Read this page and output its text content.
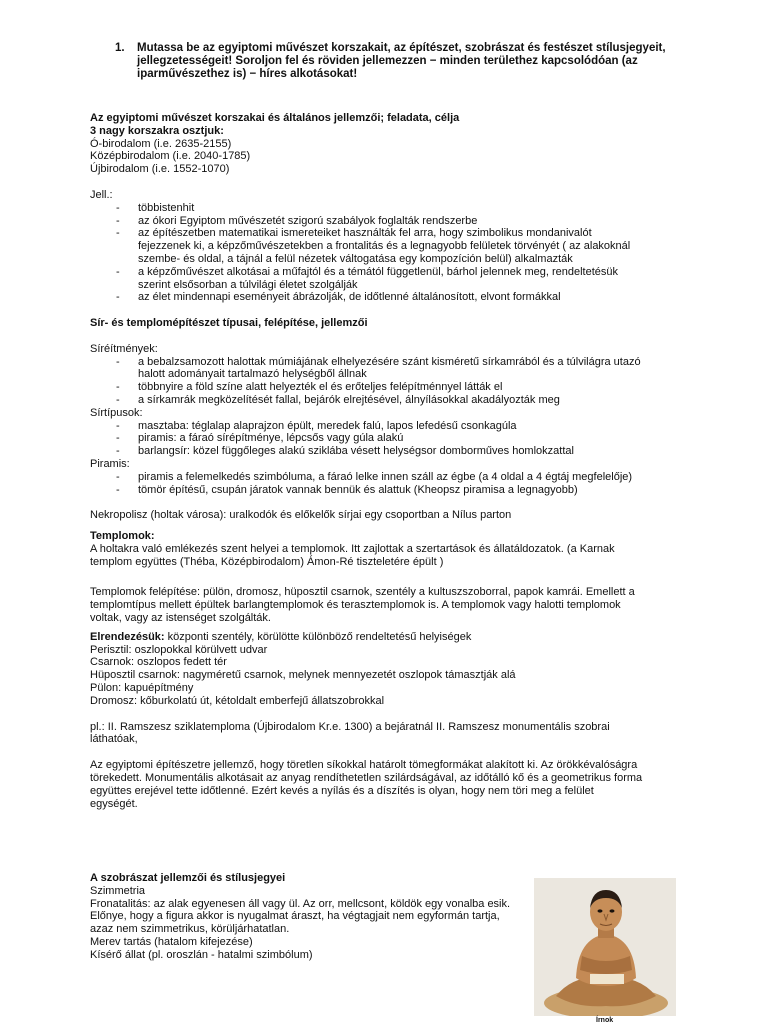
1. Mutassa be az egyiptomi művészet korszakait, az építészet, szobrászat és festészet stílusjegyeit, jellegzetességeit! Soroljon fel és röviden jellemezzen − minden területhez kapcsolódóan (az iparművészethez is) − híres alkotásokat!
Az egyiptomi művészet korszakai és általános jellemzői; feladata, célja
3 nagy korszakra osztjuk:
Ó-birodalom (i.e. 2635-2155)
Középbirodalom (i.e. 2040-1785)
Újbirodalom (i.e. 1552-1070)
Jell.:
- többistenhit
- az ókori Egyiptom művészetét szigorú szabályok foglalták rendszerbe
- az építészetben matematikai ismereteiket használták fel arra, hogy szimbolikus mondanivalót
fejezzenek ki, a képzőművészetekben a frontalitás és a legnagyobb felületek törvényét ( az alakoknál
szembe- és oldal, a tájnál a felül nézetek váltogatása egy kompozíción belül) alkalmazták
- a képzőművészet alkotásai a műfajtól és a témától függetlenül, bárhol jelennek meg, rendeltetésük
szerint elsősorban a túlvilági életet szolgálják
- az élet mindennapi eseményeit ábrázolják, de időtlenné általánosított, elvont formákkal
Sír- és templomépítészet típusai, felépítése, jellemzői
Síréítmények:
- a bebalzsamozott halottak múmiájának elhelyezésére szánt kisméretű sírkamrából és a túlvilágra utazó
halott adományait tartalmazó helységből állnak
- többnyire a föld színe alatt helyezték el és erőteljes felépítménnyel látták el
- a sírkamrák megközelítését fallal, bejárók elrejtésével, álnyílásokkal akadályozták meg
Sírtípusok:
- masztaba: téglalap alaprajzon épült, meredek falú, lapos lefedésű csonkagúla
- piramis: a fáraó sírépítménye, lépcsős vagy gúla alakú
- barlangsír: közel függőleges alakú sziklába vésett helységsor domborműves homlokzattal
Piramis:
- piramis a felemelkedés szimbóluma, a fáraó lelke innen száll az égbe (a 4 oldal a 4 égtáj megfelelője)
- tömör építésű, csupán járatok vannak bennük és alattuk (Kheopsz piramisa a legnagyobb)
Nekropolisz (holtak városa): uralkodók és előkelők sírjai egy csoportban a Nílus parton
Templomok:
A holtakra való emlékezés szent helyei a templomok. Itt zajlottak a szertartások és állatáldozatok. (a Karnak
templom együttes (Théba, Középbirodalom) Ámon-Ré tiszteletére épült )
Templomok felépítése: pülön, dromosz, hüposztil csarnok, szentély a kultuszszoborral, papok kamrái. Emellett a
templomtípus mellett épültek barlangtemplomok és terasztemplomok is. A templomok vagy halotti templomok
voltak, vagy az istenséget szolgálták.
Elrendezésük: központi szentély, körülötte különböző rendeltetésű helyiségek
Perisztil: oszlopokkal körülvett udvar
Csarnok: oszlopos fedett tér
Hüposztil csarnok: nagyméretű csarnok, melynek mennyezetét oszlopok támasztják alá
Pülon: kapuépítmény
Dromosz: kőburkolatú út, kétoldalt emberfejű állatszobrokkal
pl.: II. Ramszesz sziklatemploma (Újbirodalom Kr.e. 1300) a bejáratnál II. Ramszesz monumentális szobrai
láthatóak,
Az egyiptomi építészetre jellemző, hogy töretlen síkokkal határolt tömegformákat alakított ki. Az örökkévalóságra
törekedett. Monumentális alkotásait az anyag rendíthetetlen szilárdságával, az időtálló kő és a geometrikus forma
együttes erejével tette időtlenné. Ezért kevés a nyílás és a díszítés is olyan, hogy nem töri meg a felület
egységét.
A szobrászat jellemzői és stílusjegyei
Szimmetria
Fronatalitás: az alak egyenesen áll vagy ül. Az orr, mellcsont, köldök egy vonalba esik.
Előnye, hogy a figura akkor is nyugalmat áraszt, ha végtagjait nem egyformán tartja,
azaz nem szimmetrikus, körüljárhatatlan.
Merev tartás (hatalom kifejezése)
Kísérő állat (pl. oroszlán - hatalmi szimbólum)
Írnok
